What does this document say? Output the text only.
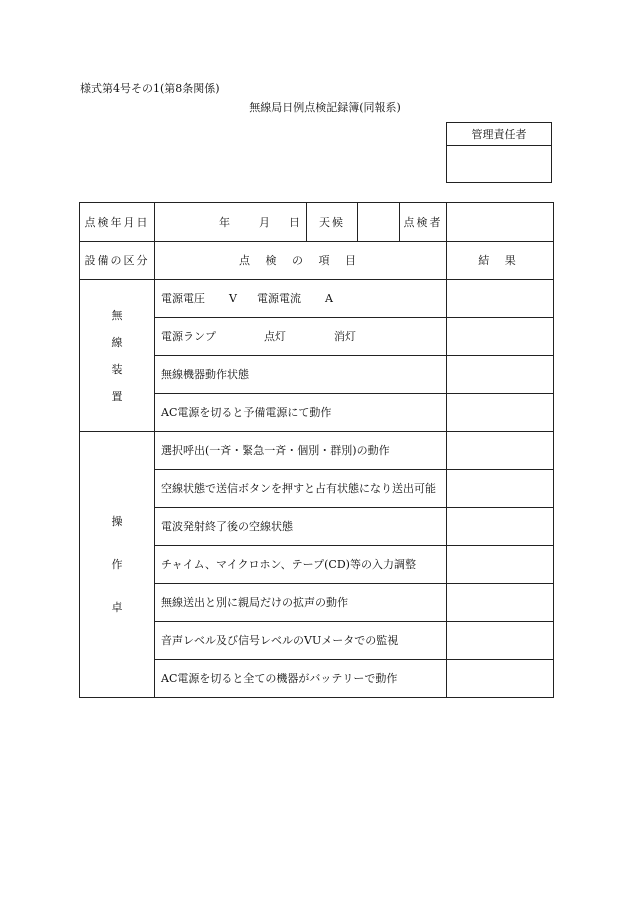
様式第4号その1(第8条関係)
無線局日例点検記録簿(同報系)
管理責任者
点検年月日	年 月 日	天候	点検者	

設備の区分	点 検 の 項 目			結 果

無
線
装
置	電源電圧 V 電源電流 A			

	電源ランプ 点灯 消灯			

	無線機器動作状態			
	AC電源を切ると予備電源にて動作			

操
作
卓	選択呼出(一斉・緊急一斉・個別・群別)の動作			
	空線状態で送信ボタンを押すと占有状態になり送出可能			
	電波発射終了後の空線状態			
	チャイム、マイクロホン、テープ(CD)等の入力調整			
	無線送出と別に親局だけの拡声の動作			
	音声レベル及び信号レベルのVUメータでの監視			
	AC電源を切ると全ての機器がバッテリーで動作			
